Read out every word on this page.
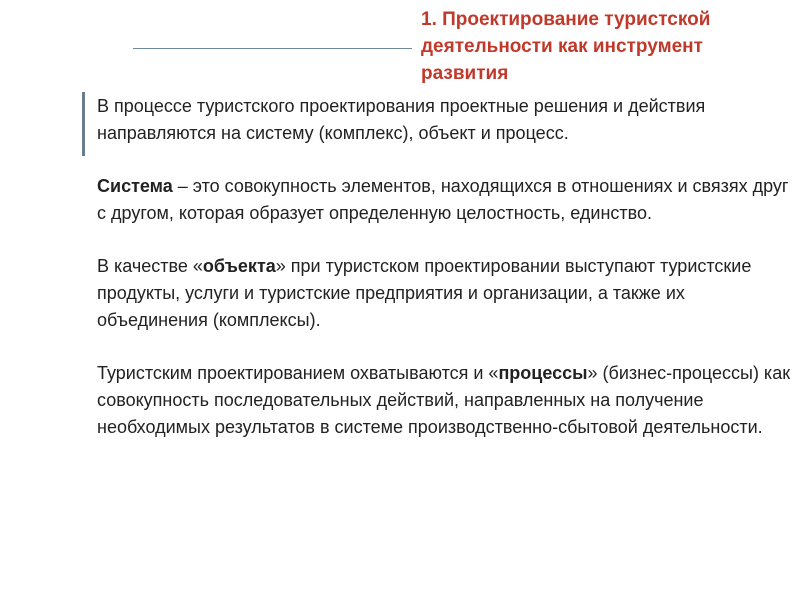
1. Проектирование туристской деятельности как инструмент развития

В процессе туристского проектирования проектные решения и действия направляются на систему (комплекс), объект и процесс.

Система – это совокупность элементов, находящихся в отношениях и связях друг с другом, которая образует определенную целостность, единство.

В качестве «объекта» при туристском проектировании выступают туристские продукты, услуги и туристские предприятия и организации, а также их объединения (комплексы).

Туристским проектированием охватываются и «процессы» (бизнес-процессы) как совокупность последовательных действий, направленных на получение необходимых результатов в системе производственно-сбытовой деятельности.
